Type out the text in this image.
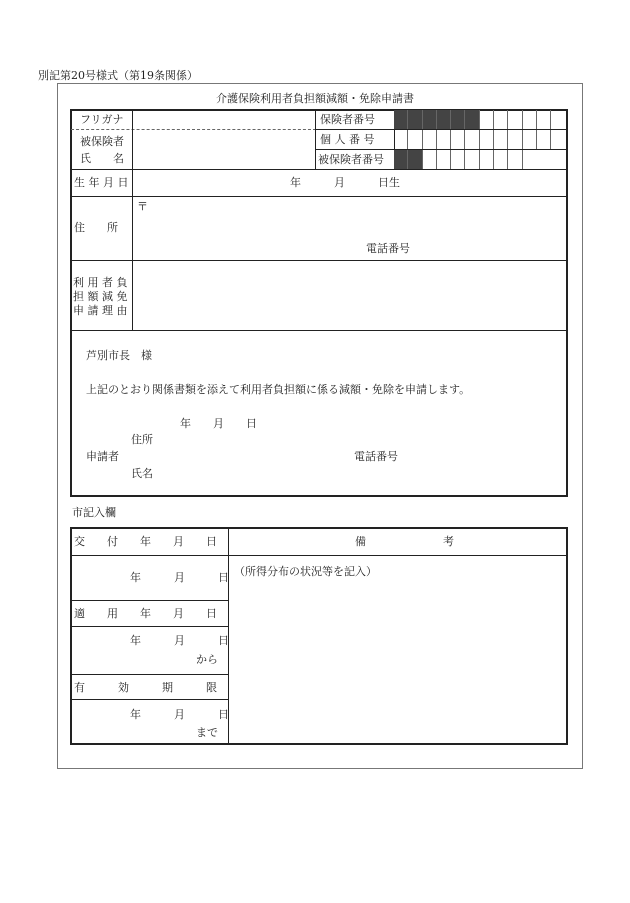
別記第20号様式（第19条関係）
介護保険利用者負担額減額・免除申請書
フリガナ
被保険者
氏　　名
保険者番号
個 人 番 号
被保険者番号
生 年 月 日	年　　　月　　　日生
住　　所
〒
電話番号
利 用 者 負
担 額 減 免
申 請 理 由
芦別市長　様
上記のとおり関係書類を添えて利用者負担額に係る減額・免除を申請します。
年　　月　　日
住所
申請者
氏名
電話番号
市記入欄
交　　付　　年　　月　　日
年　　　月　　　日
適　　用　　年　　月　　日
年　　　月　　　日
から
有　　　効　　　期　　　限
年　　　月　　　日
まで
備　　　　　　　考
（所得分布の状況等を記入）
